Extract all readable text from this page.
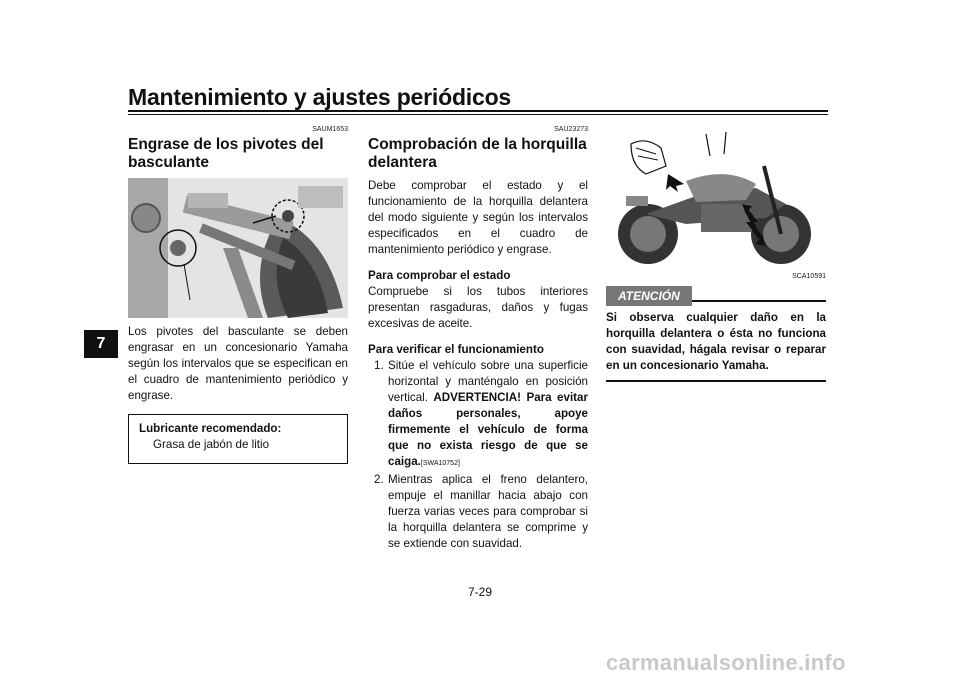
Mantenimiento y ajustes periódicos
7
SAUM1653
Engrase de los pivotes del basculante

Los pivotes del basculante se deben engrasar en un concesionario Yamaha según los intervalos que se especifican en el cuadro de mantenimiento periódico y engrase.

Lubricante recomendado:
Grasa de jabón de litio
SAU23273
Comprobación de la horquilla delantera

Debe comprobar el estado y el funcionamiento de la horquilla delantera del modo siguiente y según los intervalos especificados en el cuadro de mantenimiento periódico y engrase.

Para comprobar el estado

Compruebe si los tubos interiores presentan rasgaduras, daños y fugas excesivas de aceite.

Para verificar el funcionamiento
1. Sitúe el vehículo sobre una superficie horizontal y manténgalo en posición vertical. ADVERTENCIA! Para evitar daños personales, apoye firmemente el vehículo de forma que no exista riesgo de que se caiga.[SWA10752]
2. Mientras aplica el freno delantero, empuje el manillar hacia abajo con fuerza varias veces para comprobar si la horquilla delantera se comprime y se extiende con suavidad.
SCA10591
ATENCIÓN

Si observa cualquier daño en la horquilla delantera o ésta no funciona con suavidad, hágala revisar o reparar en un concesionario Yamaha.

7-29
carmanualsonline.info
